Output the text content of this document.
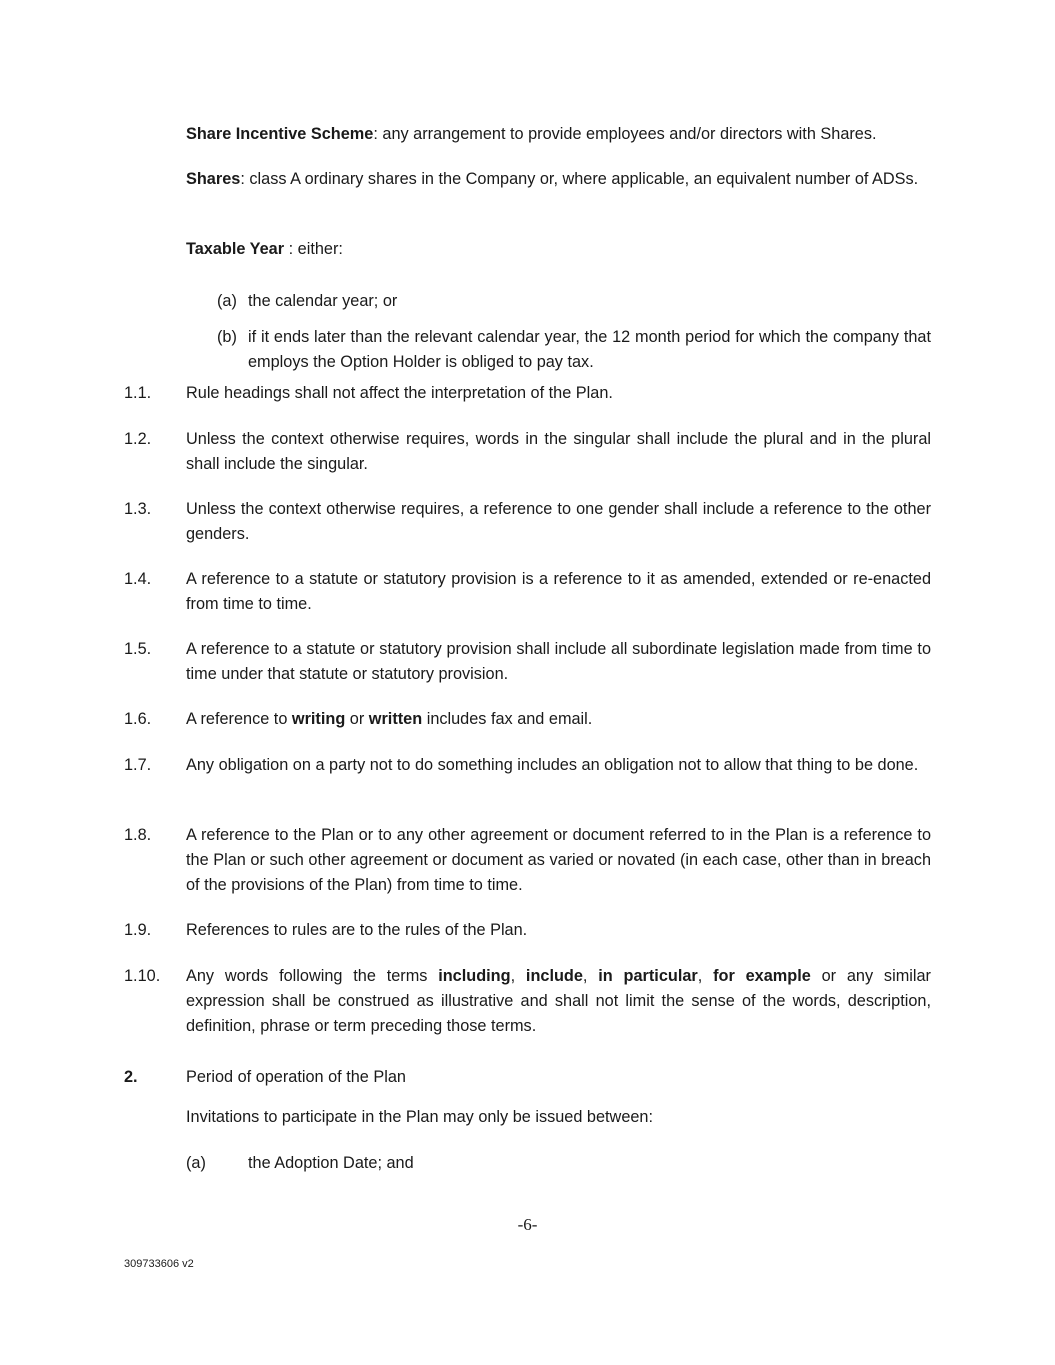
Share Incentive Scheme: any arrangement to provide employees and/or directors with Shares.

Shares: class A ordinary shares in the Company or, where applicable, an equivalent number of ADSs.

Taxable Year : either:

(a) the calendar year; or

(b) if it ends later than the relevant calendar year, the 12 month period for which the company that employs the Option Holder is obliged to pay tax.

1.1. Rule headings shall not affect the interpretation of the Plan.

1.2. Unless the context otherwise requires, words in the singular shall include the plural and in the plural shall include the singular.

1.3. Unless the context otherwise requires, a reference to one gender shall include a reference to the other genders.

1.4. A reference to a statute or statutory provision is a reference to it as amended, extended or re-enacted from time to time.

1.5. A reference to a statute or statutory provision shall include all subordinate legislation made from time to time under that statute or statutory provision.

1.6. A reference to writing or written includes fax and email.

1.7. Any obligation on a party not to do something includes an obligation not to allow that thing to be done.

1.8. A reference to the Plan or to any other agreement or document referred to in the Plan is a reference to the Plan or such other agreement or document as varied or novated (in each case, other than in breach of the provisions of the Plan) from time to time.

1.9. References to rules are to the rules of the Plan.

1.10. Any words following the terms including, include, in particular, for example or any similar expression shall be construed as illustrative and shall not limit the sense of the words, description, definition, phrase or term preceding those terms.

2.	Period of operation of the Plan

Invitations to participate in the Plan may only be issued between:

(a)	the Adoption Date; and

-6-
309733606 v2
